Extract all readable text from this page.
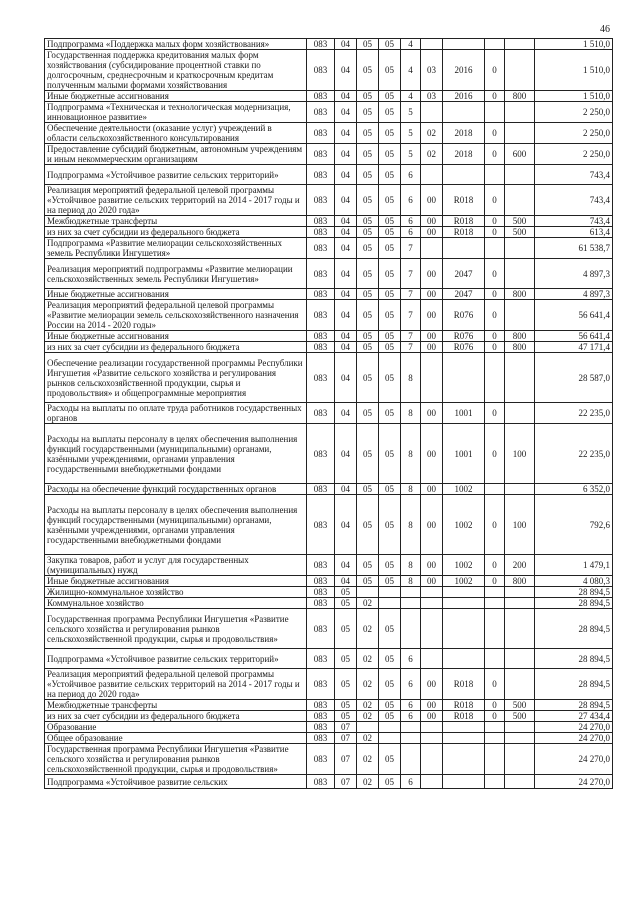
46
Подпрограмма «Поддержка малых форм хозяйствования»	083	04	05	05	4					1 510,0
Государственная поддержка кредитования малых форм хозяйствования (субсидирование процентной ставки по долгосрочным, среднесрочным и краткосрочным кредитам полученным малыми формами хозяйствования	083	04	05	05	4	03	2016	0		1 510,0
Иные бюджетные ассигнования	083	04	05	05	4	03	2016	0	800	1 510,0
Подпрограмма «Техническая и технологическая модернизация, инновационное развитие»	083	04	05	05	5					2 250,0
Обеспечение деятельности (оказание услуг) учреждений в области сельскохозяйственного консультирования	083	04	05	05	5	02	2018	0		2 250,0
Предоставление субсидий бюджетным, автономным учреждениям и иным некоммерческим организациям	083	04	05	05	5	02	2018	0	600	2 250,0
Подпрограмма «Устойчивое развитие сельских территорий»	083	04	05	05	6					743,4
Реализация мероприятий федеральной целевой программы «Устойчивое развитие сельских территорий на 2014 - 2017 годы и на период до 2020 года»	083	04	05	05	6	00	R018	0		743,4
Межбюджетные трансферты	083	04	05	05	6	00	R018	0	500	743,4
из них за счет субсидии из федерального бюджета	083	04	05	05	6	00	R018	0	500	613,4
Подпрограмма «Развитие мелиорации сельскохозяйственных земель Республики Ингушетия»	083	04	05	05	7					61 538,7
Реализация мероприятий подпрограммы «Развитие мелиорации сельскохозяйственных земель Республики Ингушетия»	083	04	05	05	7	00	2047	0		4 897,3
Иные бюджетные ассигнования	083	04	05	05	7	00	2047	0	800	4 897,3
Реализация мероприятий федеральной целевой программы «Развитие мелиорации земель сельскохозяйственного назначения России на 2014 - 2020 годы»	083	04	05	05	7	00	R076	0		56 641,4
Иные бюджетные ассигнования	083	04	05	05	7	00	R076	0	800	56 641,4
из них за счет субсидии из федерального бюджета	083	04	05	05	7	00	R076	0	800	47 171,4
Обеспечение реализации государственной программы Республики Ингушетия «Развитие сельского хозяйства и регулирования рынков сельскохозяйственной продукции, сырья и продовольствия» и общепрограммные мероприятия	083	04	05	05	8					28 587,0
Расходы на выплаты по оплате труда работников государственных органов	083	04	05	05	8	00	1001	0		22 235,0
Расходы на выплаты персоналу в целях обеспечения выполнения функций государственными (муниципальными) органами, казёнными учреждениями, органами управления государственными внебюджетными фондами	083	04	05	05	8	00	1001	0	100	22 235,0
Расходы на обеспечение функций государственных органов	083	04	05	05	8	00	1002			6 352,0
Расходы на выплаты персоналу в целях обеспечения выполнения функций государственными (муниципальными) органами, казёнными учреждениями, органами управления государственными внебюджетными фондами	083	04	05	05	8	00	1002	0	100	792,6
Закупка товаров, работ и услуг для государственных (муниципальных) нужд	083	04	05	05	8	00	1002	0	200	1 479,1
Иные бюджетные ассигнования	083	04	05	05	8	00	1002	0	800	4 080,3
Жилищно-коммунальное хозяйство	083	05								28 894,5
Коммунальное хозяйство	083	05	02							28 894,5
Государственная программа Республики Ингушетия «Развитие сельского хозяйства и регулирования рынков сельскохозяйственной продукции, сырья и продовольствия»	083	05	02	05						28 894,5
Подпрограмма «Устойчивое развитие сельских территорий»	083	05	02	05	6					28 894,5
Реализация мероприятий федеральной целевой программы «Устойчивое развитие сельских территорий на 2014 - 2017 годы и на период до 2020 года»	083	05	02	05	6	00	R018	0		28 894,5
Межбюджетные трансферты	083	05	02	05	6	00	R018	0	500	28 894,5
из них за счет субсидии из федерального бюджета	083	05	02	05	6	00	R018	0	500	27 434,4
Образование	083	07								24 270,0
Общее образование	083	07	02							24 270,0
Государственная программа Республики Ингушетия «Развитие сельского хозяйства и регулирования рынков сельскохозяйственной продукции, сырья и продовольствия»	083	07	02	05						24 270,0
Подпрограмма «Устойчивое развитие сельских	083	07	02	05	6					24 270,0
